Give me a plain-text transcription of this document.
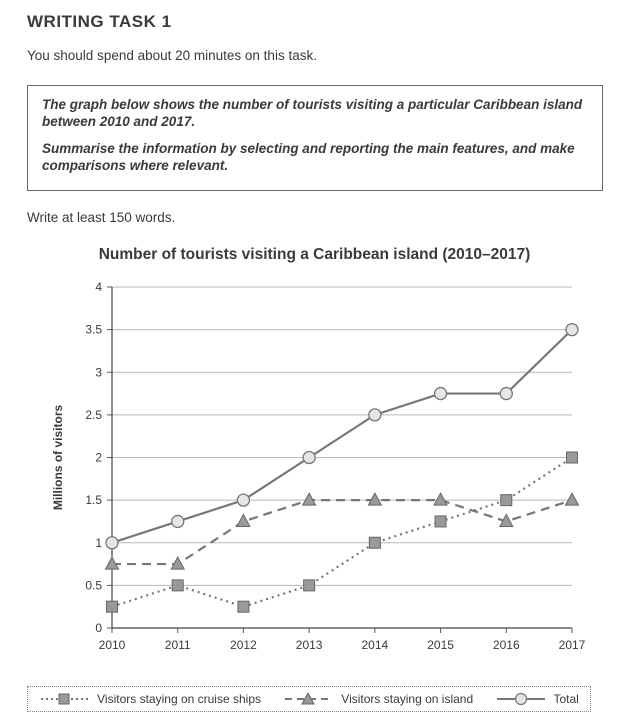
WRITING TASK 1
You should spend about 20 minutes on this task.

The graph below shows the number of tourists visiting a particular Caribbean island between 2010 and 2017.

Summarise the information by selecting and reporting the main features, and make comparisons where relevant.

Write at least 150 words.
Number of tourists visiting a Caribbean island (2010–2017)
0
0.5
1
1.5
2
2.5
3
3.5
4
2010	2011	2012	2013	2014	2015	2016	2017
Millions of visitors
Visitors staying on cruise ships	Visitors staying on island	Total
